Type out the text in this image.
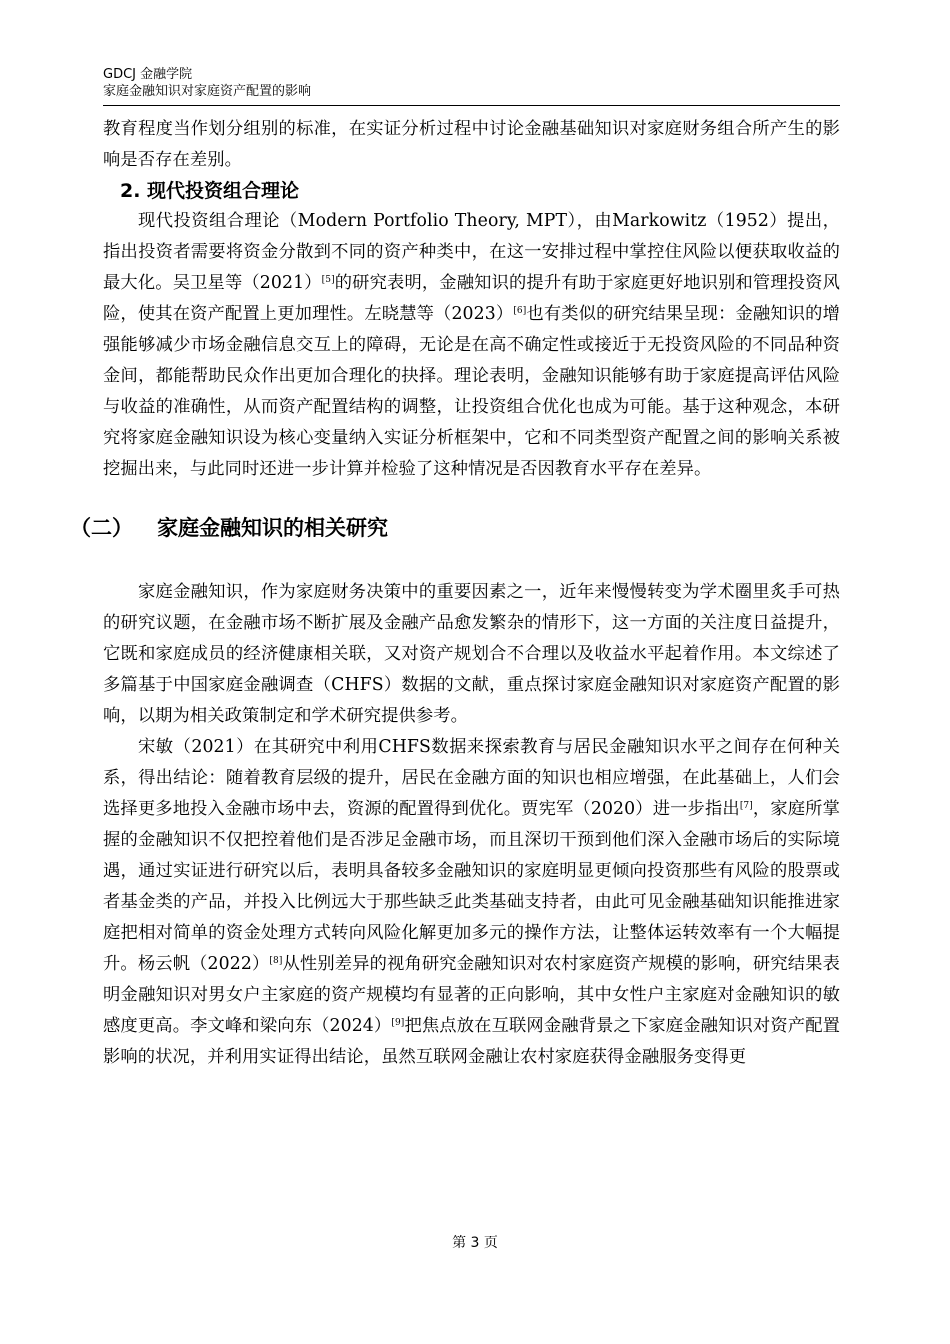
GDCJ 金融学院
家庭金融知识对家庭资产配置的影响

教育程度当作划分组别的标准，在实证分析过程中讨论金融基础知识对家庭财务组合所产生的影响是否存在差别。

2. 现代投资组合理论

现代投资组合理论（Modern Portfolio Theory, MPT），由Markowitz（1952）提出，指出投资者需要将资金分散到不同的资产种类中，在这一安排过程中掌控住风险以便获取收益的最大化。吴卫星等（2021）[5]的研究表明，金融知识的提升有助于家庭更好地识别和管理投资风险，使其在资产配置上更加理性。左晓慧等（2023）[6]也有类似的研究结果呈现：金融知识的增强能够减少市场金融信息交互上的障碍，无论是在高不确定性或接近于无投资风险的不同品种资金间，都能帮助民众作出更加合理化的抉择。理论表明，金融知识能够有助于家庭提高评估风险与收益的准确性，从而资产配置结构的调整，让投资组合优化也成为可能。基于这种观念，本研究将家庭金融知识设为核心变量纳入实证分析框架中，它和不同类型资产配置之间的影响关系被挖掘出来，与此同时还进一步计算并检验了这种情况是否因教育水平存在差异。

（二） 家庭金融知识的相关研究

家庭金融知识，作为家庭财务决策中的重要因素之一，近年来慢慢转变为学术圈里炙手可热的研究议题，在金融市场不断扩展及金融产品愈发繁杂的情形下，这一方面的关注度日益提升，它既和家庭成员的经济健康相关联，又对资产规划合不合理以及收益水平起着作用。本文综述了多篇基于中国家庭金融调查（CHFS）数据的文献，重点探讨家庭金融知识对家庭资产配置的影响，以期为相关政策制定和学术研究提供参考。

宋敏（2021）在其研究中利用CHFS数据来探索教育与居民金融知识水平之间存在何种关系，得出结论：随着教育层级的提升，居民在金融方面的知识也相应增强，在此基础上，人们会选择更多地投入金融市场中去，资源的配置得到优化。贾宪军（2020）进一步指出[7]，家庭所掌握的金融知识不仅把控着他们是否涉足金融市场，而且深切干预到他们深入金融市场后的实际境遇，通过实证进行研究以后，表明具备较多金融知识的家庭明显更倾向投资那些有风险的股票或者基金类的产品，并投入比例远大于那些缺乏此类基础支持者，由此可见金融基础知识能推进家庭把相对简单的资金处理方式转向风险化解更加多元的操作方法，让整体运转效率有一个大幅提升。杨云帆（2022）[8]从性别差异的视角研究金融知识对农村家庭资产规模的影响，研究结果表明金融知识对男女户主家庭的资产规模均有显著的正向影响，其中女性户主家庭对金融知识的敏感度更高。李文峰和梁向东（2024）[9]把焦点放在互联网金融背景之下家庭金融知识对资产配置影响的状况，并利用实证得出结论，虽然互联网金融让农村家庭获得金融服务变得更

第 3 页
